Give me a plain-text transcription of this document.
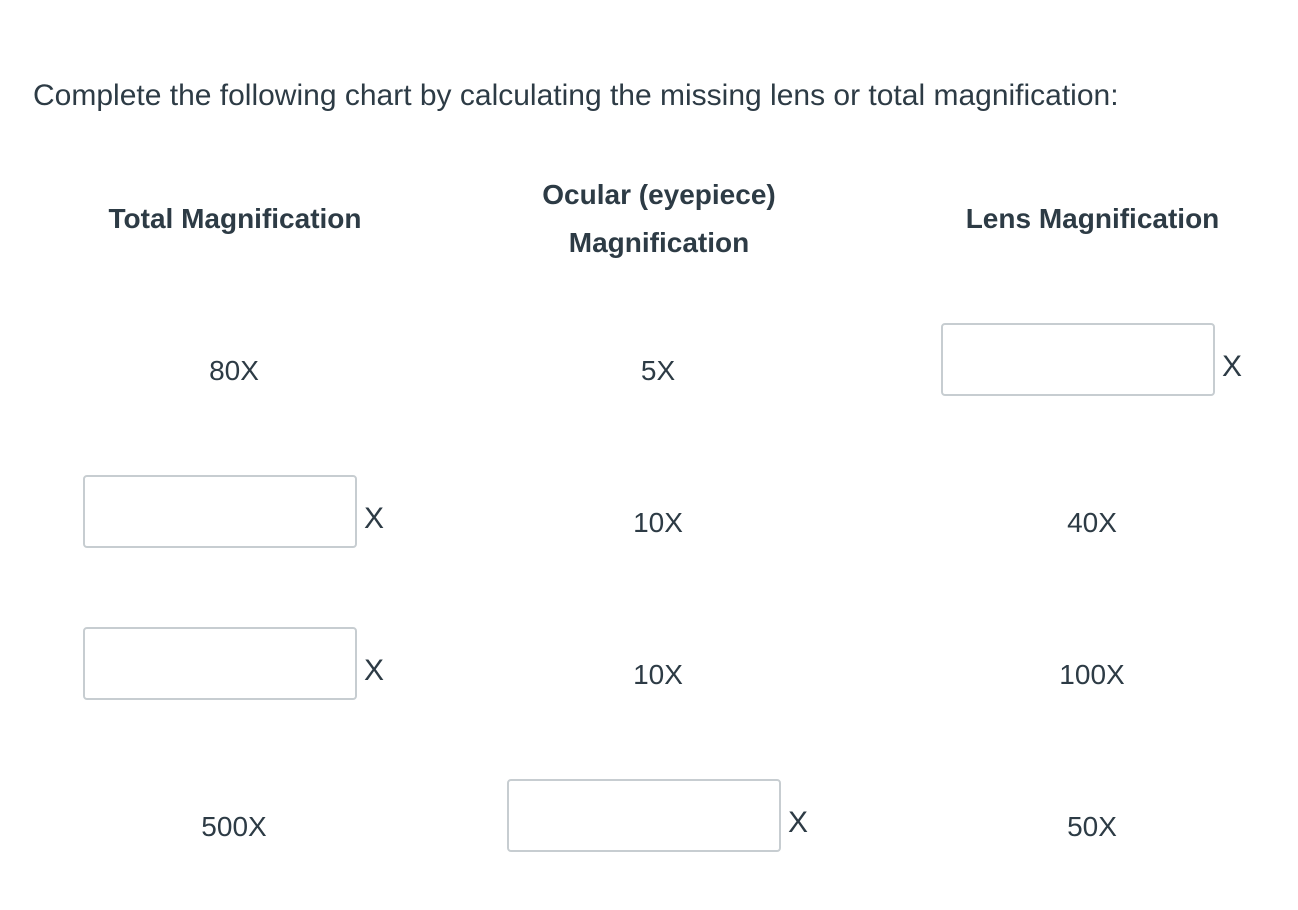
Complete the following chart by calculating the missing lens or total magnification:
Total Magnification
Ocular (eyepiece)
Magnification
Lens Magnification
80X	5X	X
X	10X	40X
X	10X	100X
500X	X	50X
